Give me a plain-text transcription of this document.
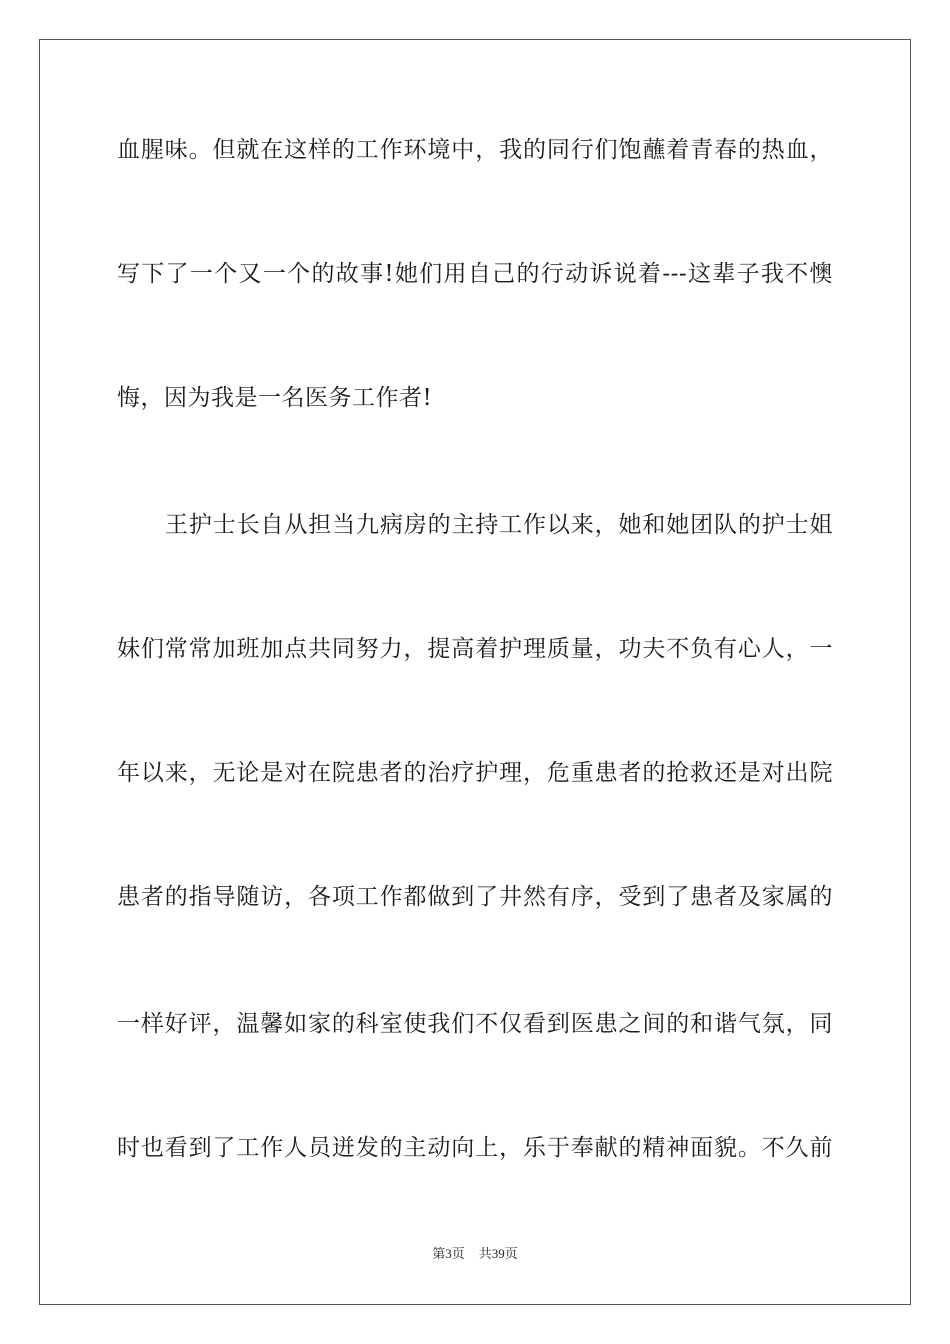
血腥味。但就在这样的工作环境中，我的同行们饱蘸着青春的热血，
写下了一个又一个的故事!她们用自己的行动诉说着---这辈子我不懊
悔，因为我是一名医务工作者!
王护士长自从担当九病房的主持工作以来，她和她团队的护士姐
妹们常常加班加点共同努力，提高着护理质量，功夫不负有心人，一
年以来，无论是对在院患者的治疗护理，危重患者的抢救还是对出院
患者的指导随访，各项工作都做到了井然有序，受到了患者及家属的
一样好评，温馨如家的科室使我们不仅看到医患之间的和谐气氛，同
时也看到了工作人员迸发的主动向上，乐于奉献的精神面貌。不久前
第3页 共39页
